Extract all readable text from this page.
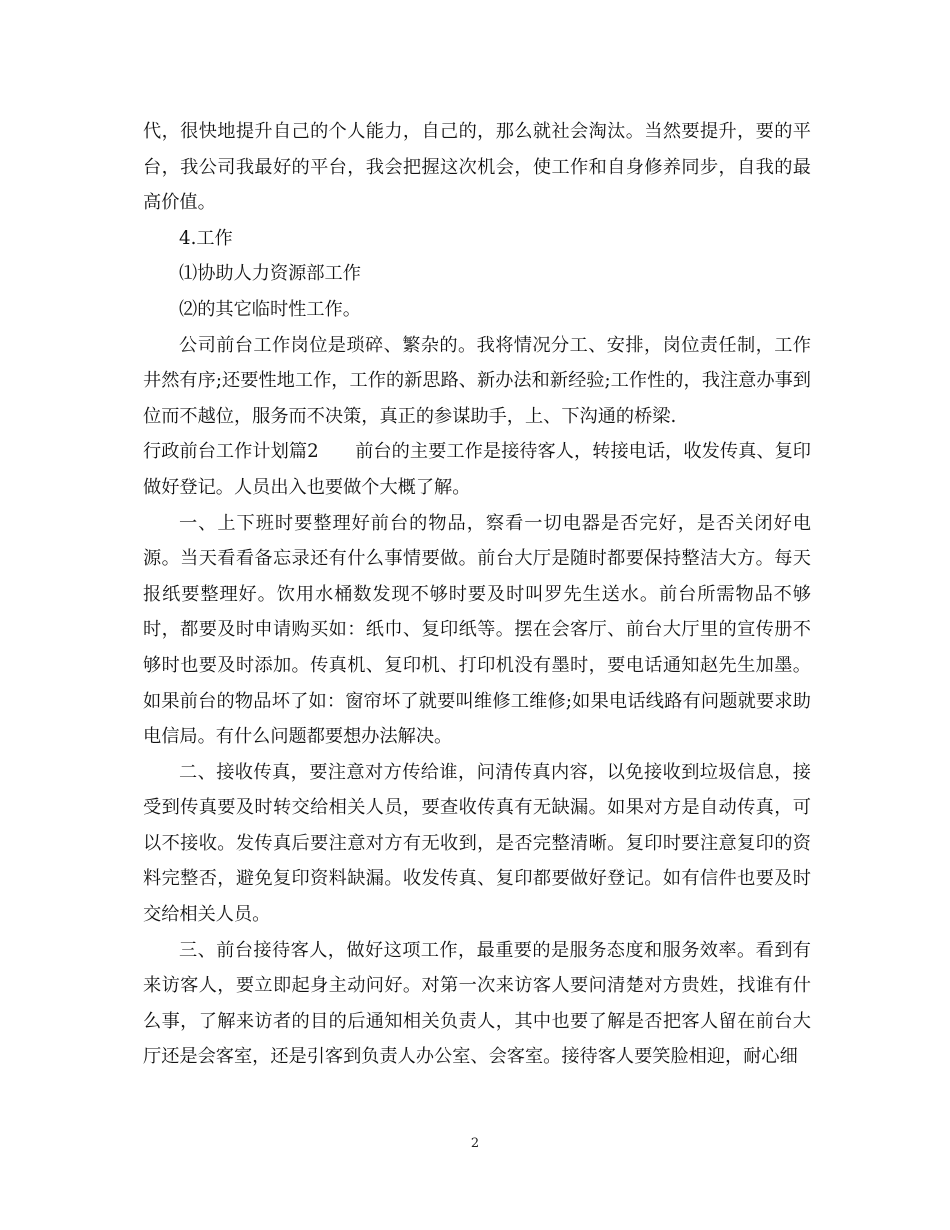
代，很快地提升自己的个人能力，自己的，那么就社会淘汰。当然要提升，要的平台，我公司我最好的平台，我会把握这次机会，使工作和自身修养同步，自我的最高价值。

4.工作

⑴协助人力资源部工作

⑵的其它临时性工作。

公司前台工作岗位是琐碎、繁杂的。我将情况分工、安排，岗位责任制，工作井然有序;还要性地工作，工作的新思路、新办法和新经验;工作性的，我注意办事到位而不越位，服务而不决策，真正的参谋助手，上、下沟通的桥梁.

行政前台工作计划篇2　　前台的主要工作是接待客人，转接电话，收发传真、复印做好登记。人员出入也要做个大概了解。

一、上下班时要整理好前台的物品，察看一切电器是否完好，是否关闭好电源。当天看看备忘录还有什么事情要做。前台大厅是随时都要保持整洁大方。每天报纸要整理好。饮用水桶数发现不够时要及时叫罗先生送水。前台所需物品不够时，都要及时申请购买如：纸巾、复印纸等。摆在会客厅、前台大厅里的宣传册不够时也要及时添加。传真机、复印机、打印机没有墨时，要电话通知赵先生加墨。如果前台的物品坏了如：窗帘坏了就要叫维修工维修;如果电话线路有问题就要求助电信局。有什么问题都要想办法解决。

二、接收传真，要注意对方传给谁，问清传真内容，以免接收到垃圾信息，接受到传真要及时转交给相关人员，要查收传真有无缺漏。如果对方是自动传真，可以不接收。发传真后要注意对方有无收到，是否完整清晰。复印时要注意复印的资料完整否，避免复印资料缺漏。收发传真、复印都要做好登记。如有信件也要及时交给相关人员。

三、前台接待客人，做好这项工作，最重要的是服务态度和服务效率。看到有来访客人，要立即起身主动问好。对第一次来访客人要问清楚对方贵姓，找谁有什么事，了解来访者的目的后通知相关负责人，其中也要了解是否把客人留在前台大厅还是会客室，还是引客到负责人办公室、会客室。接待客人要笑脸相迎，耐心细

2
